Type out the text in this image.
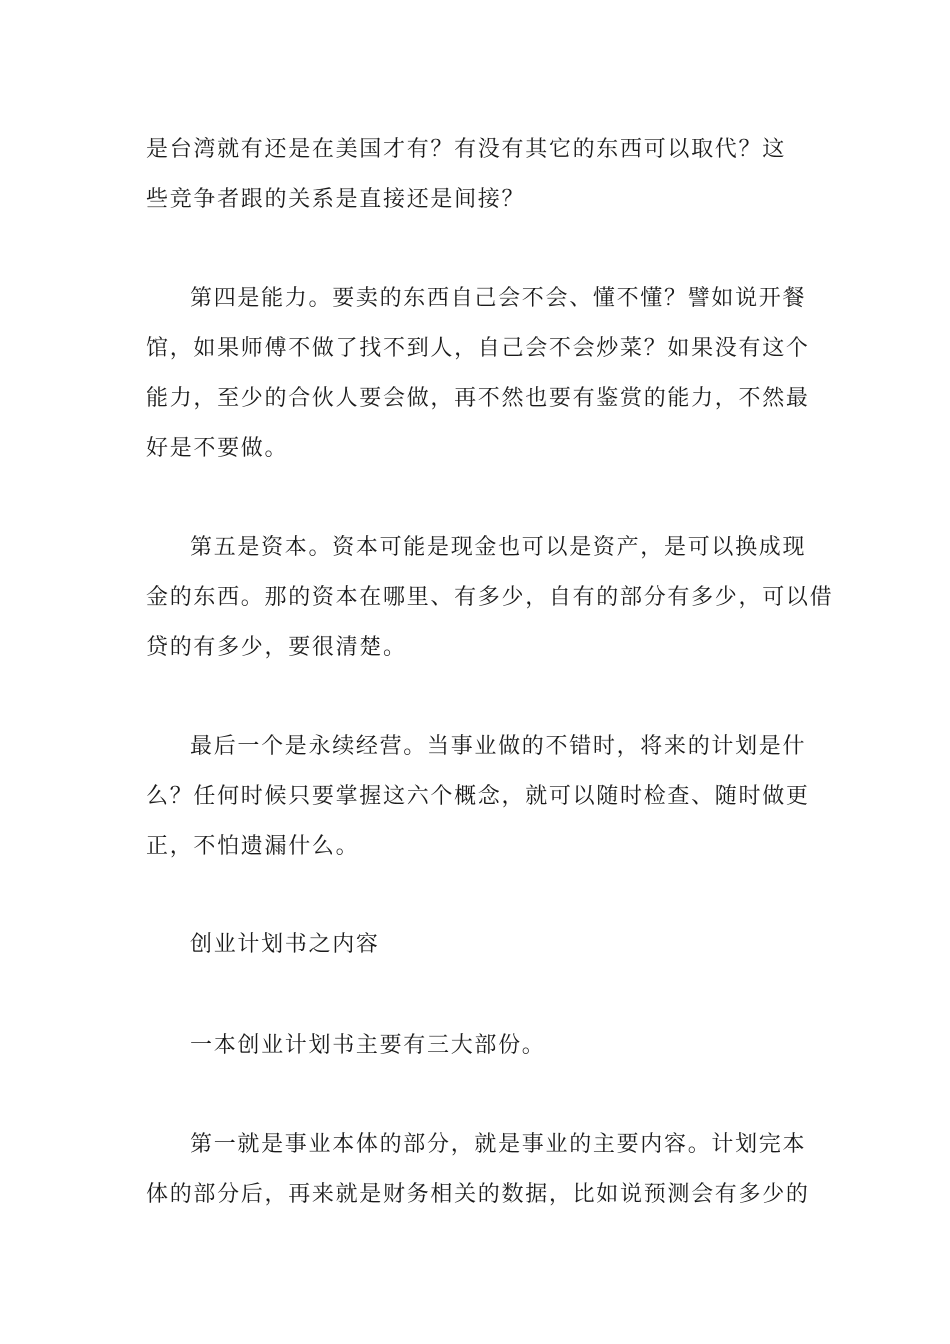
是台湾就有还是在美国才有？有没有其它的东西可以取代？这
些竞争者跟的关系是直接还是间接？
第四是能力。要卖的东西自己会不会、懂不懂？譬如说开餐
馆，如果师傅不做了找不到人，自己会不会炒菜？如果没有这个
能力，至少的合伙人要会做，再不然也要有鉴赏的能力，不然最
好是不要做。
第五是资本。资本可能是现金也可以是资产，是可以换成现
金的东西。那的资本在哪里、有多少，自有的部分有多少，可以借
贷的有多少，要很清楚。
最后一个是永续经营。当事业做的不错时，将来的计划是什
么？任何时候只要掌握这六个概念，就可以随时检查、随时做更
正，不怕遗漏什么。
创业计划书之内容
一本创业计划书主要有三大部份。
第一就是事业本体的部分，就是事业的主要内容。计划完本
体的部分后，再来就是财务相关的数据，比如说预测会有多少的
